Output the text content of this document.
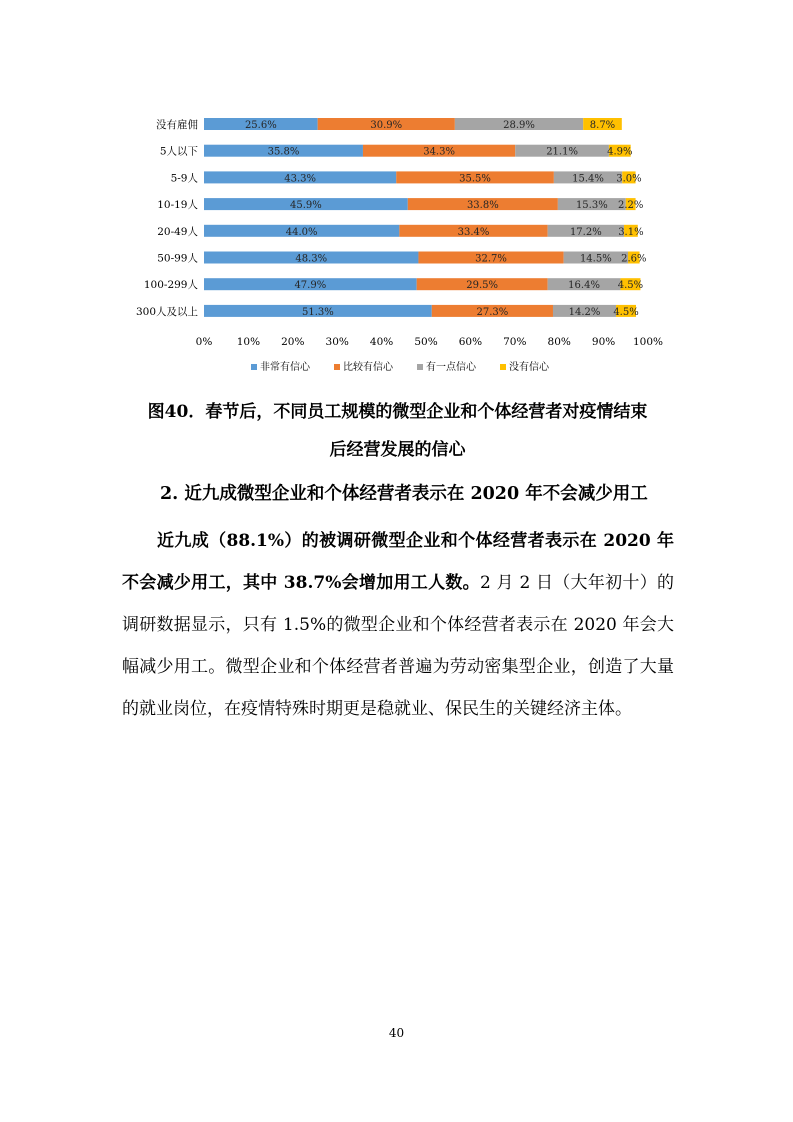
没有雇佣
5人以下
5-9人
10-19人
20-49人
50-99人
100-299人
300人及以上
25.6%	30.9%	28.9%	8.7%
35.8%	34.3%	21.1%	4.9%
43.3%	35.5%	15.4% 3.0%
45.9%	33.8%	15.3% 2.2%
44.0%	33.4%	17.2% 3.1%
48.3%	32.7%	14.5% 2.6%
47.9%	29.5%	16.4% 4.5%
51.3%	27.3%	14.2% 4.5%
0% 10% 20% 30% 40% 50% 60% 70% 80% 90% 100%
非常有信心	比较有信心	有一点信心	没有信心
图40．春节后，不同员工规模的微型企业和个体经营者对疫情结束
后经营发展的信心
2. 近九成微型企业和个体经营者表示在 2020 年不会减少用工

近九成（88.1%）的被调研微型企业和个体经营者表示在 2020 年不会减少用工，其中 38.7%会增加用工人数。2 月 2 日（大年初十）的调研数据显示，只有 1.5%的微型企业和个体经营者表示在 2020 年会大幅减少用工。微型企业和个体经营者普遍为劳动密集型企业，创造了大量的就业岗位，在疫情特殊时期更是稳就业、保民生的关键经济主体。

40
